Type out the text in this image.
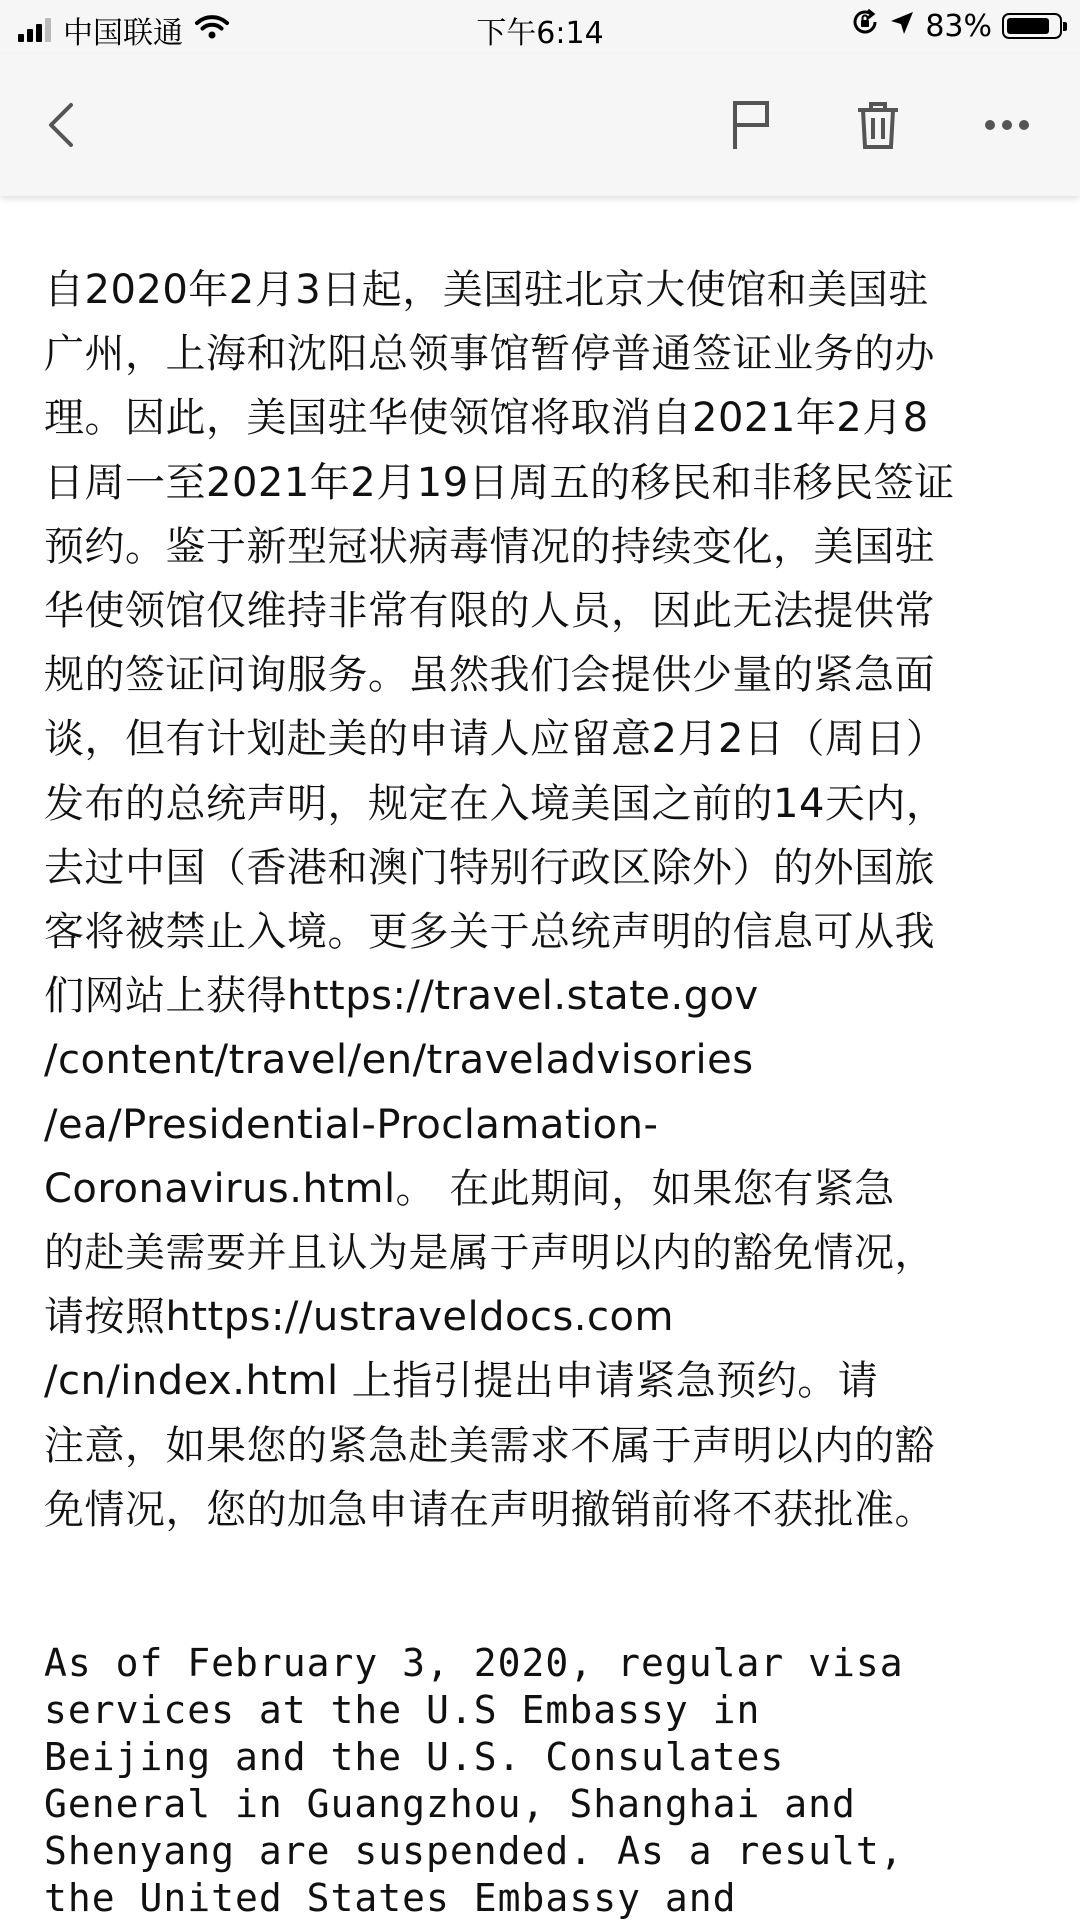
中国联通	下午6:14	83%

自2020年2月3日起，美国驻北京大使馆和美国驻
广州，上海和沈阳总领事馆暂停普通签证业务的办
理。因此，美国驻华使领馆将取消自2021年2月8
日周一至2021年2月19日周五的移民和非移民签证
预约。鉴于新型冠状病毒情况的持续变化，美国驻
华使领馆仅维持非常有限的人员，因此无法提供常
规的签证问询服务。虽然我们会提供少量的紧急面
谈，但有计划赴美的申请人应留意2月2日（周日）
发布的总统声明，规定在入境美国之前的14天内，
去过中国（香港和澳门特别行政区除外）的外国旅
客将被禁止入境。更多关于总统声明的信息可从我
们网站上获得https://travel.state.gov
/content/travel/en/traveladvisories
/ea/Presidential-Proclamation-
Coronavirus.html。 在此期间，如果您有紧急
的赴美需要并且认为是属于声明以内的豁免情况，
请按照https://ustraveldocs.com
/cn/index.html 上指引提出申请紧急预约。请
注意，如果您的紧急赴美需求不属于声明以内的豁
免情况，您的加急申请在声明撤销前将不获批准。

As of February 3, 2020, regular visa
services at the U.S Embassy in
Beijing and the U.S. Consulates
General in Guangzhou, Shanghai and
Shenyang are suspended. As a result,
the United States Embassy and
